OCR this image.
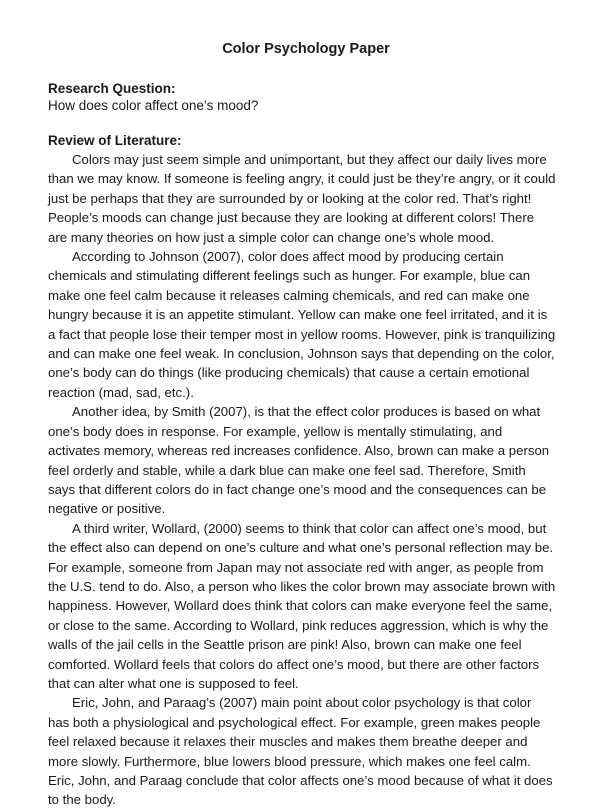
Color Psychology Paper

Research Question:

How does color affect one’s mood?

Review of Literature:

Colors may just seem simple and unimportant, but they affect our daily lives more than we may know. If someone is feeling angry, it could just be they’re angry, or it could just be perhaps that they are surrounded by or looking at the color red. That’s right! People’s moods can change just because they are looking at different colors! There are many theories on how just a simple color can change one’s whole mood.

According to Johnson (2007), color does affect mood by producing certain chemicals and stimulating different feelings such as hunger. For example, blue can make one feel calm because it releases calming chemicals, and red can make one hungry because it is an appetite stimulant. Yellow can make one feel irritated, and it is a fact that people lose their temper most in yellow rooms. However, pink is tranquilizing and can make one feel weak. In conclusion, Johnson says that depending on the color, one’s body can do things (like producing chemicals) that cause a certain emotional reaction (mad, sad, etc.).

Another idea, by Smith (2007), is that the effect color produces is based on what one’s body does in response. For example, yellow is mentally stimulating, and activates memory, whereas red increases confidence. Also, brown can make a person feel orderly and stable, while a dark blue can make one feel sad. Therefore, Smith says that different colors do in fact change one’s mood and the consequences can be negative or positive.

A third writer, Wollard, (2000) seems to think that color can affect one’s mood, but the effect also can depend on one’s culture and what one’s personal reflection may be. For example, someone from Japan may not associate red with anger, as people from the U.S. tend to do. Also, a person who likes the color brown may associate brown with happiness. However, Wollard does think that colors can make everyone feel the same, or close to the same. According to Wollard, pink reduces aggression, which is why the walls of the jail cells in the Seattle prison are pink! Also, brown can make one feel comforted. Wollard feels that colors do affect one’s mood, but there are other factors that can alter what one is supposed to feel.

Eric, John, and Paraag’s (2007) main point about color psychology is that color has both a physiological and psychological effect. For example, green makes people feel relaxed because it relaxes their muscles and makes them breathe deeper and more slowly. Furthermore, blue lowers blood pressure, which makes one feel calm. Eric, John, and Paraag conclude that color affects one’s mood because of what it does to the body.
